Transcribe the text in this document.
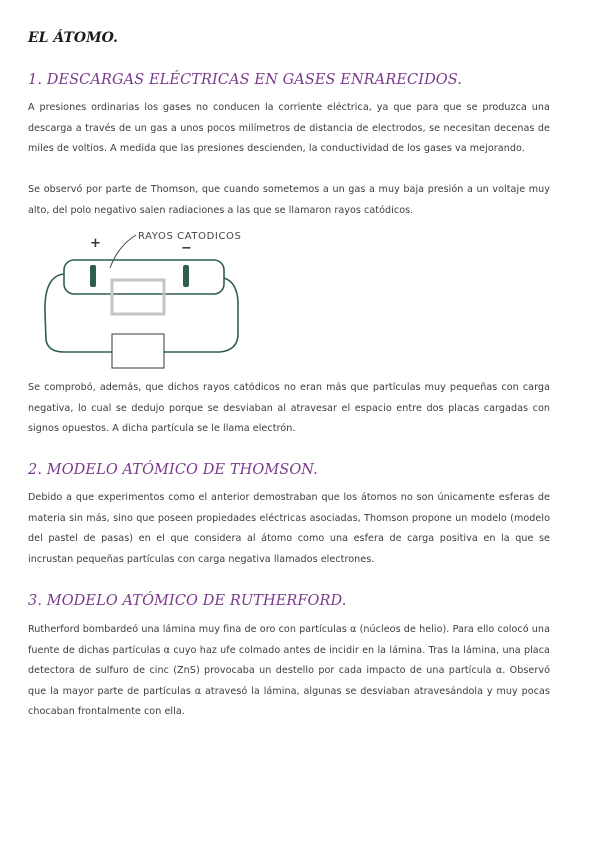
EL ÁTOMO.
1. DESCARGAS ELÉCTRICAS EN GASES ENRARECIDOS.

A presiones ordinarias los gases no conducen la corriente eléctrica, ya que para que se produzca una descarga a través de un gas a unos pocos milímetros de distancia de electrodos, se necesitan decenas de miles de voltios. A medida que las presiones descienden, la conductividad de los gases va mejorando.

Se observó por parte de Thomson, que cuando sometemos a un gas a muy baja presión a un voltaje muy alto, del polo negativo salen radiaciones a las que se llamaron rayos catódicos.

RAYOS CATODICOS
+	−

Se comprobó, además, que dichos rayos catódicos no eran más que partículas muy pequeñas con carga negativa, lo cual se dedujo porque se desviaban al atravesar el espacio entre dos placas cargadas con signos opuestos. A dicha partícula se le llama electrón.

2. MODELO ATÓMICO DE THOMSON.

Debido a que experimentos como el anterior demostraban que los átomos no son únicamente esferas de materia sin más, sino que poseen propiedades eléctricas asociadas, Thomson propone un modelo (modelo del pastel de pasas) en el que considera al átomo como una esfera de carga positiva en la que se incrustan pequeñas partículas con carga negativa llamados electrones.

3. MODELO ATÓMICO DE RUTHERFORD.

Rutherford bombardeó una lámina muy fina de oro con partículas α (núcleos de helio). Para ello colocó una fuente de dichas partículas α cuyo haz ufe colmado antes de incidir en la lámina. Tras la lámina, una placa detectora de sulfuro de cinc (ZnS) provocaba un destello por cada impacto de una partícula α. Observó que la mayor parte de partículas α atravesó la lámina, algunas se desviaban atravesándola y muy pocas chocaban frontalmente con ella.
